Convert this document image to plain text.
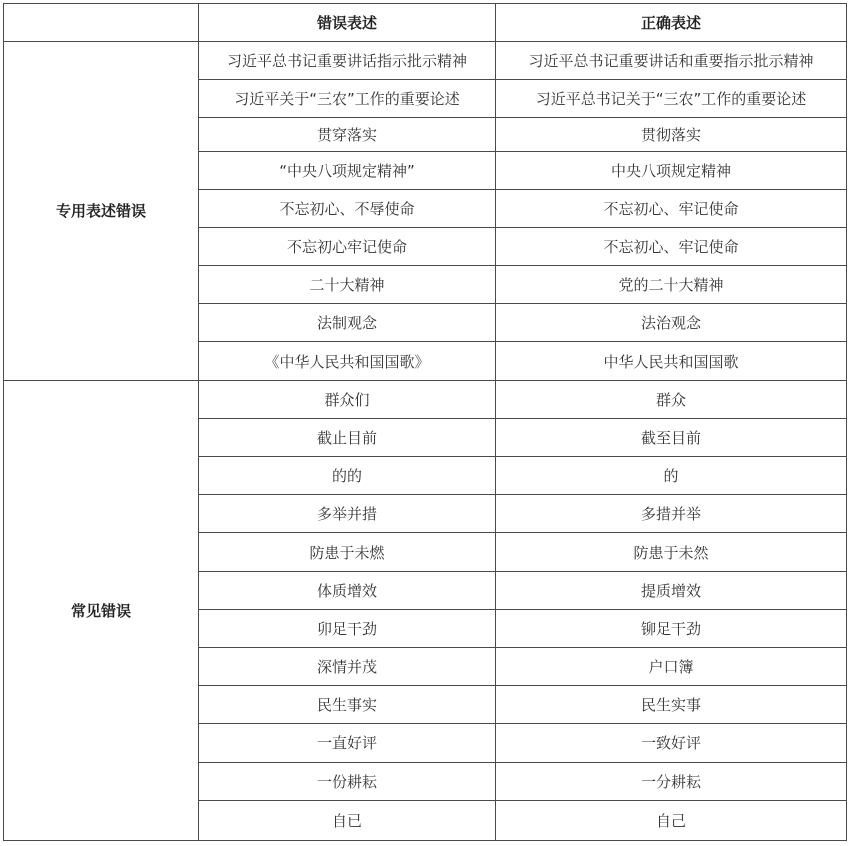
	错误表述	正确表述
专用表述错误	习近平总书记重要讲话指示批示精神	习近平总书记重要讲话和重要指示批示精神
	习近平关于“三农”工作的重要论述	习近平总书记关于“三农”工作的重要论述
	贯穿落实	贯彻落实
	“中央八项规定精神”	中央八项规定精神
	不忘初心、不辱使命	不忘初心、牢记使命
	不忘初心牢记使命	不忘初心、牢记使命
	二十大精神	党的二十大精神
	法制观念	法治观念
	《中华人民共和国国歌》	中华人民共和国国歌
常见错误	群众们	群众
	截止目前	截至目前
	的的	的
	多举并措	多措并举
	防患于未燃	防患于未然
	体质增效	提质增效
	卯足干劲	铆足干劲
	深情并茂	户口簿
	民生事实	民生实事
	一直好评	一致好评
	一份耕耘	一分耕耘
	自已	自己
